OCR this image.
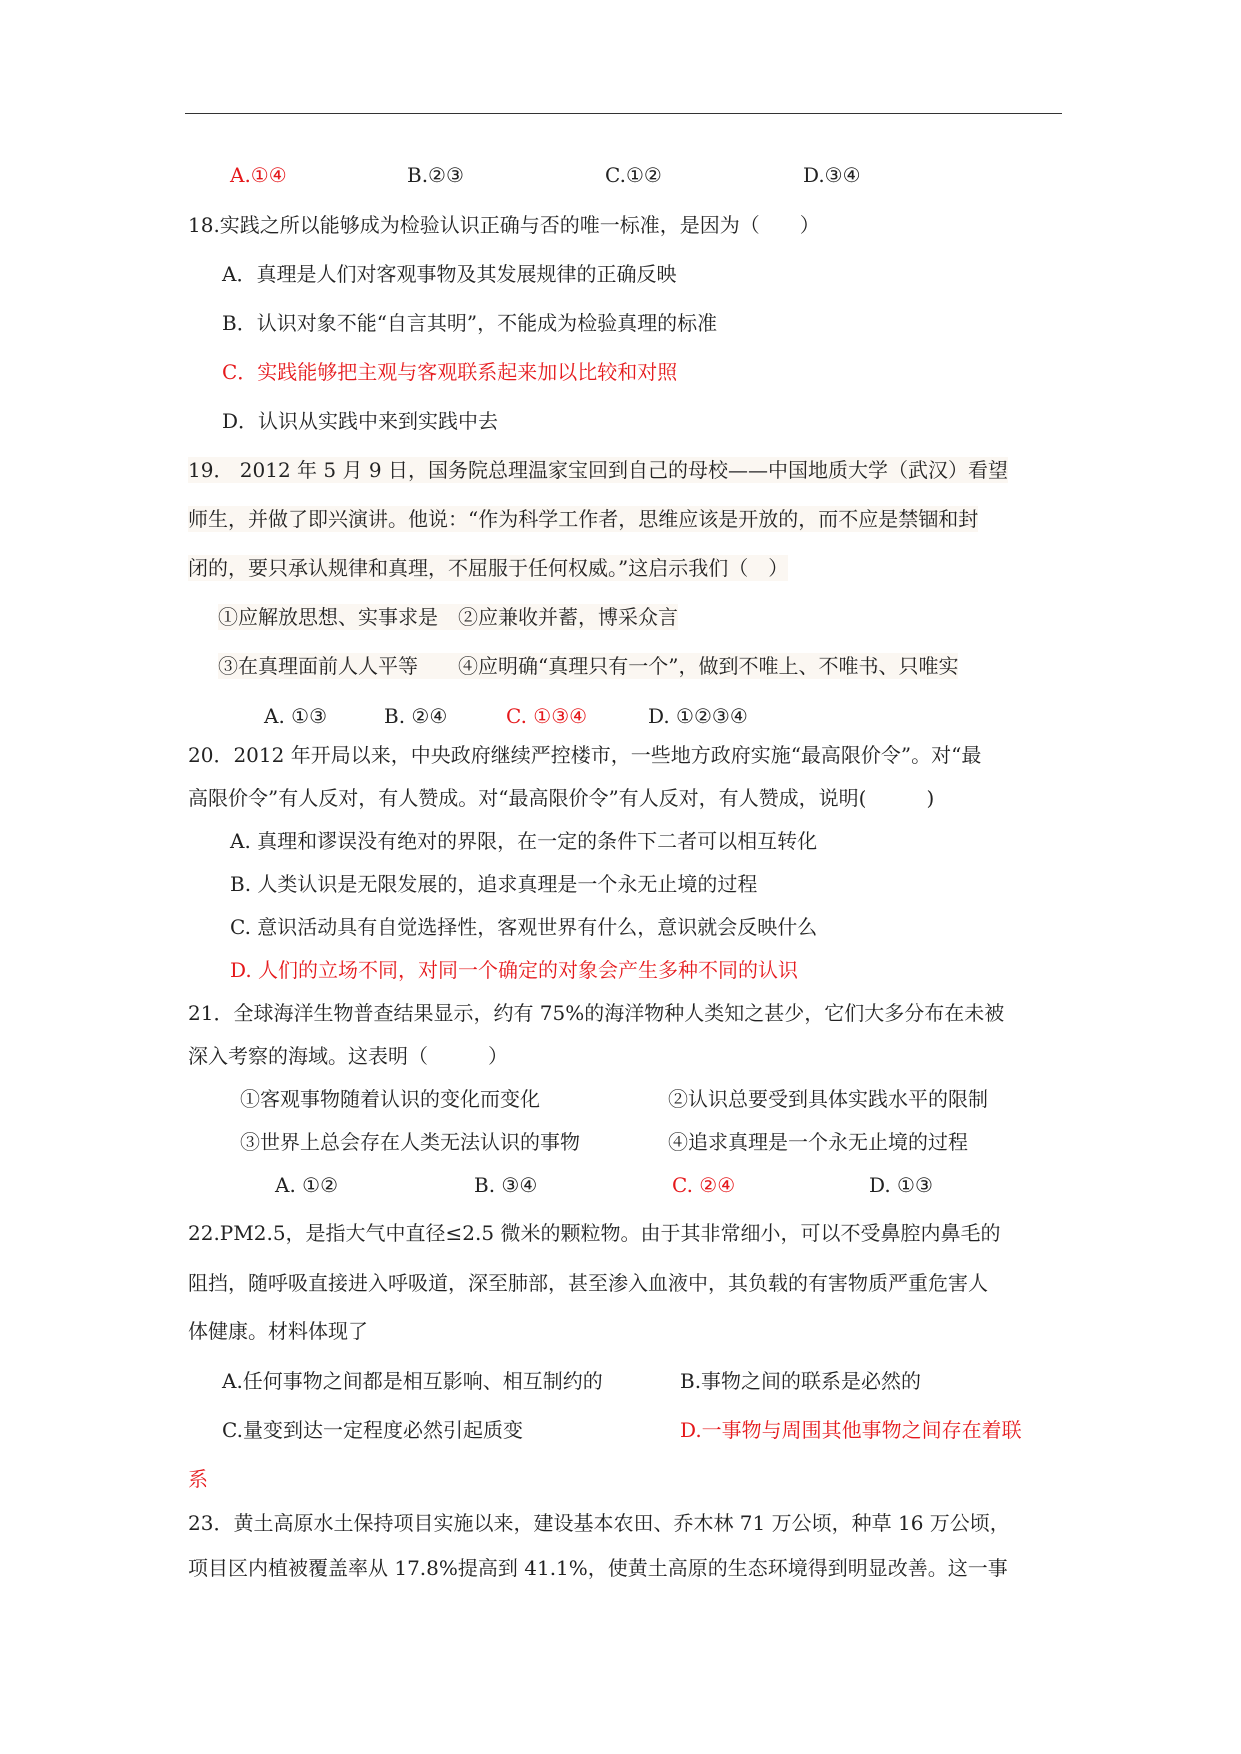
A.①④	B.②③	C.①②	D.③④
18.实践之所以能够成为检验认识正确与否的唯一标准，是因为（　　）
A．真理是人们对客观事物及其发展规律的正确反映
B．认识对象不能“自言其明”，不能成为检验真理的标准
C．实践能够把主观与客观联系起来加以比较和对照
D．认识从实践中来到实践中去
19． 2012 年 5 月 9 日，国务院总理温家宝回到自己的母校——中国地质大学（武汉）看望
师生，并做了即兴演讲。他说：“作为科学工作者，思维应该是开放的，而不应是禁锢和封
闭的，要只承认规律和真理，不屈服于任何权威。”这启示我们（　）
①应解放思想、实事求是　②应兼收并蓄，博采众言
③在真理面前人人平等　　④应明确“真理只有一个”，做到不唯上、不唯书、只唯实
A. ①③	B. ②④	C. ①③④	D. ①②③④
20．2012 年开局以来，中央政府继续严控楼市，一些地方政府实施“最高限价令”。对“最
高限价令”有人反对，有人赞成。对“最高限价令”有人反对，有人赞成，说明(　　　)
A. 真理和谬误没有绝对的界限，在一定的条件下二者可以相互转化
B. 人类认识是无限发展的，追求真理是一个永无止境的过程
C. 意识活动具有自觉选择性，客观世界有什么，意识就会反映什么
D. 人们的立场不同，对同一个确定的对象会产生多种不同的认识
21．全球海洋生物普查结果显示，约有 75%的海洋物种人类知之甚少，它们大多分布在未被
深入考察的海域。这表明（　　　）
①客观事物随着认识的变化而变化	②认识总要受到具体实践水平的限制
③世界上总会存在人类无法认识的事物	④追求真理是一个永无止境的过程
A. ①②	B. ③④	C. ②④	D. ①③
22.PM2.5，是指大气中直径≤2.5 微米的颗粒物。由于其非常细小，可以不受鼻腔内鼻毛的
阻挡，随呼吸直接进入呼吸道，深至肺部，甚至渗入血液中，其负载的有害物质严重危害人
体健康。材料体现了
A.任何事物之间都是相互影响、相互制约的	B.事物之间的联系是必然的
C.量变到达一定程度必然引起质变	D.一事物与周围其他事物之间存在着联
系
23．黄土高原水土保持项目实施以来，建设基本农田、乔木林 71 万公顷，种草 16 万公顷，
项目区内植被覆盖率从 17.8%提高到 41.1%，使黄土高原的生态环境得到明显改善。这一事
